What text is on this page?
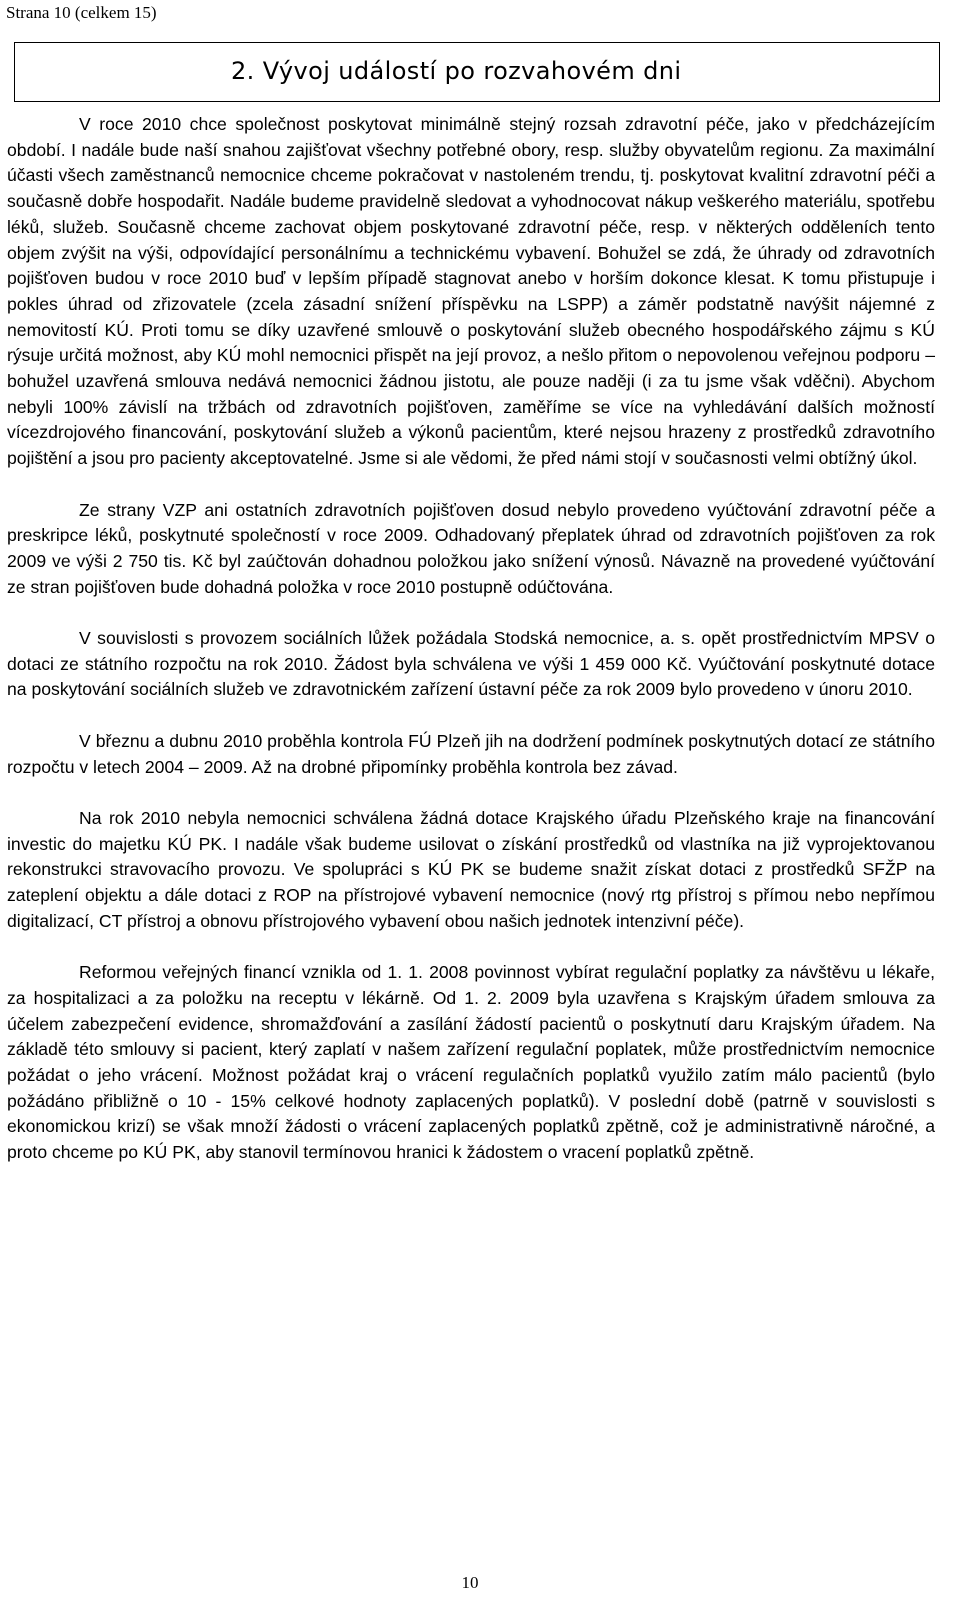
Strana 10 (celkem 15)
2. Vývoj událostí po rozvahovém dni

V roce 2010 chce společnost poskytovat minimálně stejný rozsah zdravotní péče, jako v předcházejícím období. I nadále bude naší snahou zajišťovat všechny potřebné obory, resp. služby obyvatelům regionu. Za maximální účasti všech zaměstnanců nemocnice chceme pokračovat v nastoleném trendu, tj. poskytovat kvalitní zdravotní péči a současně dobře hospodařit. Nadále budeme pravidelně sledovat a vyhodnocovat nákup veškerého materiálu, spotřebu léků, služeb. Současně chceme zachovat objem poskytované zdravotní péče, resp. v některých odděleních tento objem zvýšit na výši, odpovídající personálnímu a technickému vybavení. Bohužel se zdá, že úhrady od zdravotních pojišťoven budou v roce 2010 buď v lepším případě stagnovat anebo v horším dokonce klesat. K tomu přistupuje i pokles úhrad od zřizovatele (zcela zásadní snížení příspěvku na LSPP) a záměr podstatně navýšit nájemné z nemovitostí KÚ. Proti tomu se díky uzavřené smlouvě o poskytování služeb obecného hospodářského zájmu s KÚ rýsuje určitá možnost, aby KÚ mohl nemocnici přispět na její provoz, a nešlo přitom o nepovolenou veřejnou podporu – bohužel uzavřená smlouva nedává nemocnici žádnou jistotu, ale pouze naději (i za tu jsme však vděčni). Abychom nebyli 100% závislí na tržbách od zdravotních pojišťoven, zaměříme se více na vyhledávání dalších možností vícezdrojového financování, poskytování služeb a výkonů pacientům, které nejsou hrazeny z prostředků zdravotního pojištění a jsou pro pacienty akceptovatelné. Jsme si ale vědomi, že před námi stojí v současnosti velmi obtížný úkol.

Ze strany VZP ani ostatních zdravotních pojišťoven dosud nebylo provedeno vyúčtování zdravotní péče a preskripce léků, poskytnuté společností v roce 2009. Odhadovaný přeplatek úhrad od zdravotních pojišťoven za rok 2009 ve výši 2 750 tis. Kč byl zaúčtován dohadnou položkou jako snížení výnosů. Návazně na provedené vyúčtování ze stran pojišťoven bude dohadná položka v roce 2010 postupně odúčtována.

V souvislosti s provozem sociálních lůžek požádala Stodská nemocnice, a. s. opět prostřednictvím MPSV o dotaci ze státního rozpočtu na rok 2010. Žádost byla schválena ve výši 1 459 000 Kč. Vyúčtování poskytnuté dotace na poskytování sociálních služeb ve zdravotnickém zařízení ústavní péče za rok 2009 bylo provedeno v únoru 2010.

V březnu a dubnu 2010 proběhla kontrola FÚ Plzeň jih na dodržení podmínek poskytnutých dotací ze státního rozpočtu v letech 2004 – 2009. Až na drobné připomínky proběhla kontrola bez závad.

Na rok 2010 nebyla nemocnici schválena žádná dotace Krajského úřadu Plzeňského kraje na financování investic do majetku KÚ PK. I nadále však budeme usilovat o získání prostředků od vlastníka na již vyprojektovanou rekonstrukci stravovacího provozu. Ve spolupráci s KÚ PK se budeme snažit získat dotaci z prostředků SFŽP na zateplení objektu a dále dotaci z ROP na přístrojové vybavení nemocnice (nový rtg přístroj s přímou nebo nepřímou digitalizací, CT přístroj a obnovu přístrojového vybavení obou našich jednotek intenzivní péče).

Reformou veřejných financí vznikla od 1. 1. 2008 povinnost vybírat regulační poplatky za návštěvu u lékaře, za hospitalizaci a za položku na receptu v lékárně. Od 1. 2. 2009 byla uzavřena s Krajským úřadem smlouva za účelem zabezpečení evidence, shromažďování a zasílání žádostí pacientů o poskytnutí daru Krajským úřadem. Na základě této smlouvy si pacient, který zaplatí v našem zařízení regulační poplatek, může prostřednictvím nemocnice požádat o jeho vrácení. Možnost požádat kraj o vrácení regulačních poplatků využilo zatím málo pacientů (bylo požádáno přibližně o 10 - 15% celkové hodnoty zaplacených poplatků). V poslední době (patrně v souvislosti s ekonomickou krizí) se však množí žádosti o vrácení zaplacených poplatků zpětně, což je administrativně náročné, a proto chceme po KÚ PK, aby stanovil termínovou hranici k žádostem o vracení poplatků zpětně.

10
